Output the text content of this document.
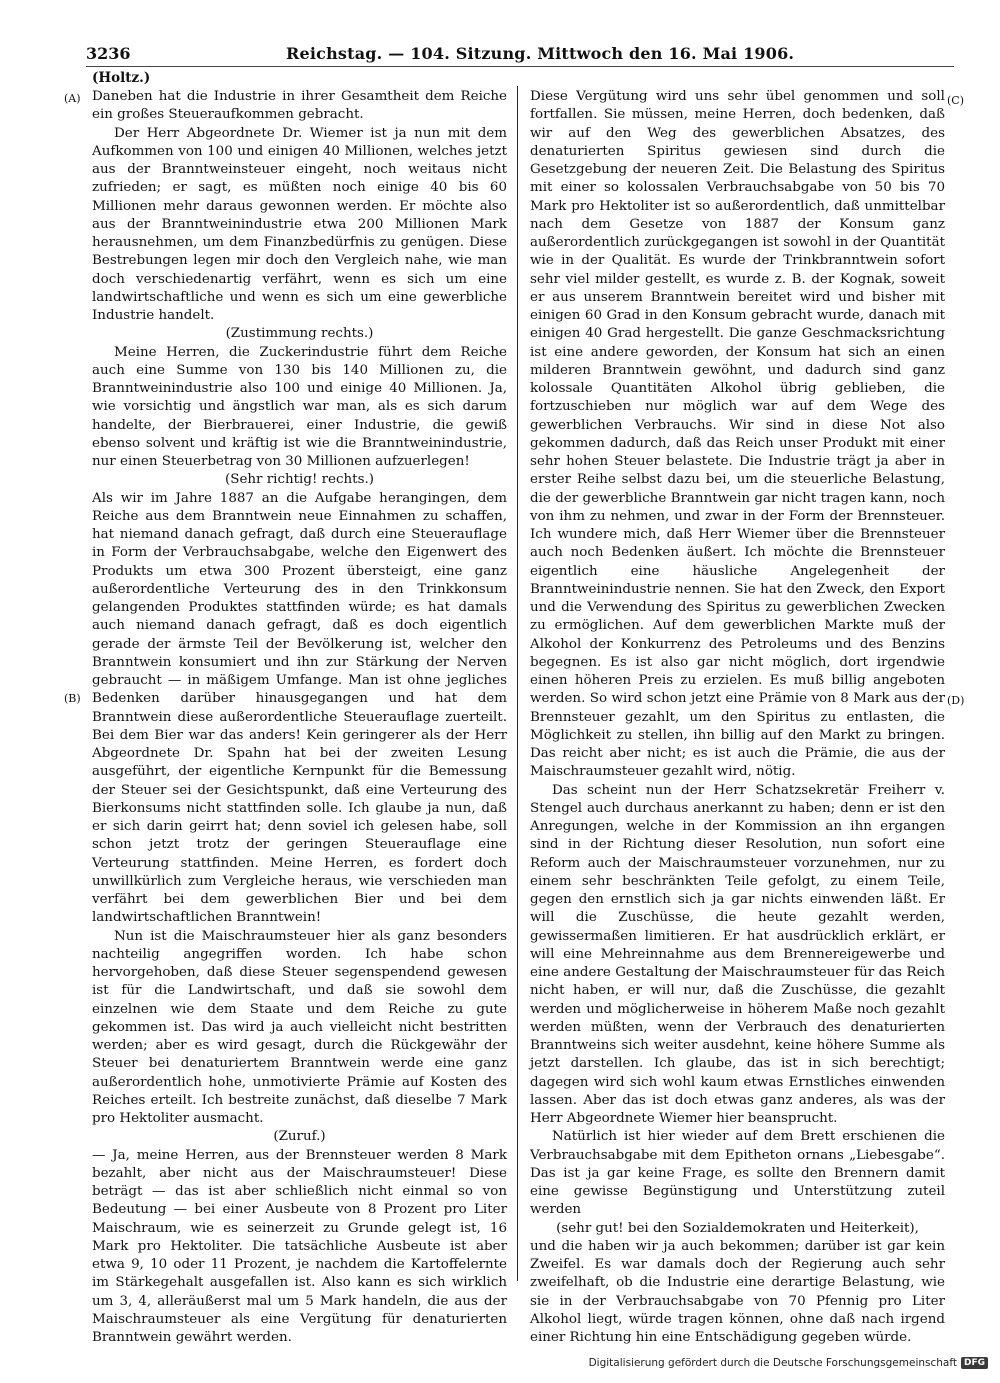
3236	Reichstag. — 104. Sitzung. Mittwoch den 16. Mai 1906.
(Holtz.)
(A)
(B)
(C)
(D)

Daneben hat die Industrie in ihrer Gesamtheit dem Reiche ein großes Steueraufkommen gebracht.

Der Herr Abgeordnete Dr. Wiemer ist ja nun mit dem Aufkommen von 100 und einigen 40 Millionen, welches jetzt aus der Branntweinsteuer eingeht, noch weitaus nicht zufrieden; er sagt, es müßten noch einige 40 bis 60 Millionen mehr daraus gewonnen werden. Er möchte also aus der Branntweinindustrie etwa 200 Millionen Mark herausnehmen, um dem Finanzbedürfnis zu genügen. Diese Bestrebungen legen mir doch den Vergleich nahe, wie man doch verschiedenartig verfährt, wenn es sich um eine landwirtschaftliche und wenn es sich um eine gewerbliche Industrie handelt.

(Zustimmung rechts.)

Meine Herren, die Zuckerindustrie führt dem Reiche auch eine Summe von 130 bis 140 Millionen zu, die Branntweinindustrie also 100 und einige 40 Millionen. Ja, wie vorsichtig und ängstlich war man, als es sich darum handelte, der Bierbrauerei, einer Industrie, die gewiß ebenso solvent und kräftig ist wie die Branntweinindustrie, nur einen Steuerbetrag von 30 Millionen aufzuerlegen!

(Sehr richtig! rechts.)

Als wir im Jahre 1887 an die Aufgabe herangingen, dem Reiche aus dem Branntwein neue Einnahmen zu schaffen, hat niemand danach gefragt, daß durch eine Steuerauflage in Form der Verbrauchsabgabe, welche den Eigenwert des Produkts um etwa 300 Prozent übersteigt, eine ganz außerordentliche Verteurung des in den Trinkkonsum gelangenden Produktes stattfinden würde; es hat damals auch niemand danach gefragt, daß es doch eigentlich gerade der ärmste Teil der Bevölkerung ist, welcher den Branntwein konsumiert und ihn zur Stärkung der Nerven gebraucht — in mäßigem Umfange. Man ist ohne jegliches Bedenken darüber hinausgegangen und hat dem Branntwein diese außerordentliche Steuerauflage zuerteilt. Bei dem Bier war das anders! Kein geringerer als der Herr Abgeordnete Dr. Spahn hat bei der zweiten Lesung ausgeführt, der eigentliche Kernpunkt für die Bemessung der Steuer sei der Gesichtspunkt, daß eine Verteurung des Bierkonsums nicht stattfinden solle. Ich glaube ja nun, daß er sich darin geirrt hat; denn soviel ich gelesen habe, soll schon jetzt trotz der geringen Steuerauflage eine Verteurung stattfinden. Meine Herren, es fordert doch unwillkürlich zum Vergleiche heraus, wie verschieden man verfährt bei dem gewerblichen Bier und bei dem landwirtschaftlichen Branntwein!

Nun ist die Maischraumsteuer hier als ganz besonders nachteilig angegriffen worden. Ich habe schon hervorgehoben, daß diese Steuer segenspendend gewesen ist für die Landwirtschaft, und daß sie sowohl dem einzelnen wie dem Staate und dem Reiche zu gute gekommen ist. Das wird ja auch vielleicht nicht bestritten werden; aber es wird gesagt, durch die Rückgewähr der Steuer bei denaturiertem Branntwein werde eine ganz außerordentlich hohe, unmotivierte Prämie auf Kosten des Reiches erteilt. Ich bestreite zunächst, daß dieselbe 7 Mark pro Hektoliter ausmacht.

(Zuruf.)

— Ja, meine Herren, aus der Brennsteuer werden 8 Mark bezahlt, aber nicht aus der Maischraumsteuer! Diese beträgt — das ist aber schließlich nicht einmal so von Bedeutung — bei einer Ausbeute von 8 Prozent pro Liter Maischraum, wie es seinerzeit zu Grunde gelegt ist, 16 Mark pro Hektoliter. Die tatsächliche Ausbeute ist aber etwa 9, 10 oder 11 Prozent, je nachdem die Kartoffelernte im Stärkegehalt ausgefallen ist. Also kann es sich wirklich um 3, 4, alleräußerst mal um 5 Mark handeln, die aus der Maischraumsteuer als eine Vergütung für denaturierten Branntwein gewährt werden.

Diese Vergütung wird uns sehr übel genommen und soll fortfallen. Sie müssen, meine Herren, doch bedenken, daß wir auf den Weg des gewerblichen Absatzes, des denaturierten Spiritus gewiesen sind durch die Gesetzgebung der neueren Zeit. Die Belastung des Spiritus mit einer so kolossalen Verbrauchsabgabe von 50 bis 70 Mark pro Hektoliter ist so außerordentlich, daß unmittelbar nach dem Gesetze von 1887 der Konsum ganz außerordentlich zurückgegangen ist sowohl in der Quantität wie in der Qualität. Es wurde der Trinkbranntwein sofort sehr viel milder gestellt, es wurde z. B. der Kognak, soweit er aus unserem Branntwein bereitet wird und bisher mit einigen 60 Grad in den Konsum gebracht wurde, danach mit einigen 40 Grad hergestellt. Die ganze Geschmacksrichtung ist eine andere geworden, der Konsum hat sich an einen milderen Branntwein gewöhnt, und dadurch sind ganz kolossale Quantitäten Alkohol übrig geblieben, die fortzuschieben nur möglich war auf dem Wege des gewerblichen Verbrauchs. Wir sind in diese Not also gekommen dadurch, daß das Reich unser Produkt mit einer sehr hohen Steuer belastete. Die Industrie trägt ja aber in erster Reihe selbst dazu bei, um die steuerliche Belastung, die der gewerbliche Branntwein gar nicht tragen kann, noch von ihm zu nehmen, und zwar in der Form der Brennsteuer. Ich wundere mich, daß Herr Wiemer über die Brennsteuer auch noch Bedenken äußert. Ich möchte die Brennsteuer eigentlich eine häusliche Angelegenheit der Branntweinindustrie nennen. Sie hat den Zweck, den Export und die Verwendung des Spiritus zu gewerblichen Zwecken zu ermöglichen. Auf dem gewerblichen Markte muß der Alkohol der Konkurrenz des Petroleums und des Benzins begegnen. Es ist also gar nicht möglich, dort irgendwie einen höheren Preis zu erzielen. Es muß billig angeboten werden. So wird schon jetzt eine Prämie von 8 Mark aus der Brennsteuer gezahlt, um den Spiritus zu entlasten, die Möglichkeit zu stellen, ihn billig auf den Markt zu bringen. Das reicht aber nicht; es ist auch die Prämie, die aus der Maischraumsteuer gezahlt wird, nötig.

Das scheint nun der Herr Schatzsekretär Freiherr v. Stengel auch durchaus anerkannt zu haben; denn er ist den Anregungen, welche in der Kommission an ihn ergangen sind in der Richtung dieser Resolution, nun sofort eine Reform auch der Maischraumsteuer vorzunehmen, nur zu einem sehr beschränkten Teile gefolgt, zu einem Teile, gegen den ernstlich sich ja gar nichts einwenden läßt. Er will die Zuschüsse, die heute gezahlt werden, gewissermaßen limitieren. Er hat ausdrücklich erklärt, er will eine Mehreinnahme aus dem Brennereigewerbe und eine andere Gestaltung der Maischraumsteuer für das Reich nicht haben, er will nur, daß die Zuschüsse, die gezahlt werden und möglicherweise in höherem Maße noch gezahlt werden müßten, wenn der Verbrauch des denaturierten Branntweins sich weiter ausdehnt, keine höhere Summe als jetzt darstellen. Ich glaube, das ist in sich berechtigt; dagegen wird sich wohl kaum etwas Ernstliches einwenden lassen. Aber das ist doch etwas ganz anderes, als was der Herr Abgeordnete Wiemer hier beansprucht.

Natürlich ist hier wieder auf dem Brett erschienen die Verbrauchsabgabe mit dem Epitheton ornans „Liebesgabe“. Das ist ja gar keine Frage, es sollte den Brennern damit eine gewisse Begünstigung und Unterstützung zuteil werden

(sehr gut! bei den Sozialdemokraten und Heiterkeit),

und die haben wir ja auch bekommen; darüber ist gar kein Zweifel. Es war damals doch der Regierung auch sehr zweifelhaft, ob die Industrie eine derartige Belastung, wie sie in der Verbrauchsabgabe von 70 Pfennig pro Liter Alkohol liegt, würde tragen können, ohne daß nach irgend einer Richtung hin eine Entschädigung gegeben würde.

Digitalisierung gefördert durch die Deutsche Forschungsgemeinschaft DFG
